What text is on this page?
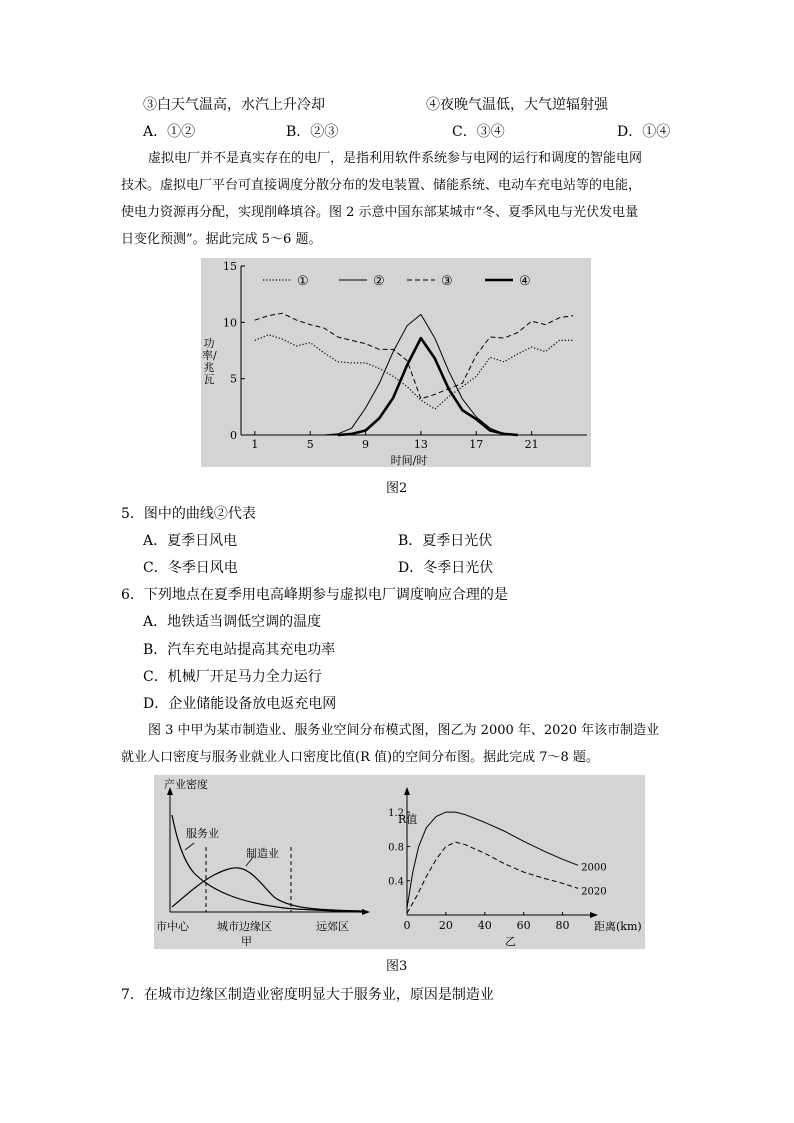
③白天气温高，水汽上升冷却	④夜晚气温低，大气逆辐射强
A．①②	B．②③	C．③④	D．①④
虚拟电厂并不是真实存在的电厂，是指利用软件系统参与电网的运行和调度的智能电网
技术。虚拟电厂平台可直接调度分散分布的发电装置、储能系统、电动车充电站等的电能，
使电力资源再分配，实现削峰填谷。图 2 示意中国东部某城市“冬、夏季风电与光伏发电量
日变化预测”。据此完成 5～6 题。
1	5	9	13	17	21
0
5
10
15
①	②	③	④
功率/兆瓦
时间/时
图2
5．图中的曲线②代表
A．夏季日风电	B．夏季日光伏
C．冬季日风电	D．冬季日光伏
6．下列地点在夏季用电高峰期参与虚拟电厂调度响应合理的是
A．地铁适当调低空调的温度
B．汽车充电站提高其充电功率
C．机械厂开足马力全力运行
D．企业储能设备放电返充电网
图 3 中甲为某市制造业、服务业空间分布模式图，图乙为 2000 年、2020 年该市制造业
就业人口密度与服务业就业人口密度比值(R 值)的空间分布图。据此完成 7～8 题。
0	20 40 60 80
0.4
0.8
1.2
2000
2020
产业密度
服务业
制造业
市中心	城市边缘区	远郊区
甲
R值
距离(km)
乙
图3
7．在城市边缘区制造业密度明显大于服务业，原因是制造业
